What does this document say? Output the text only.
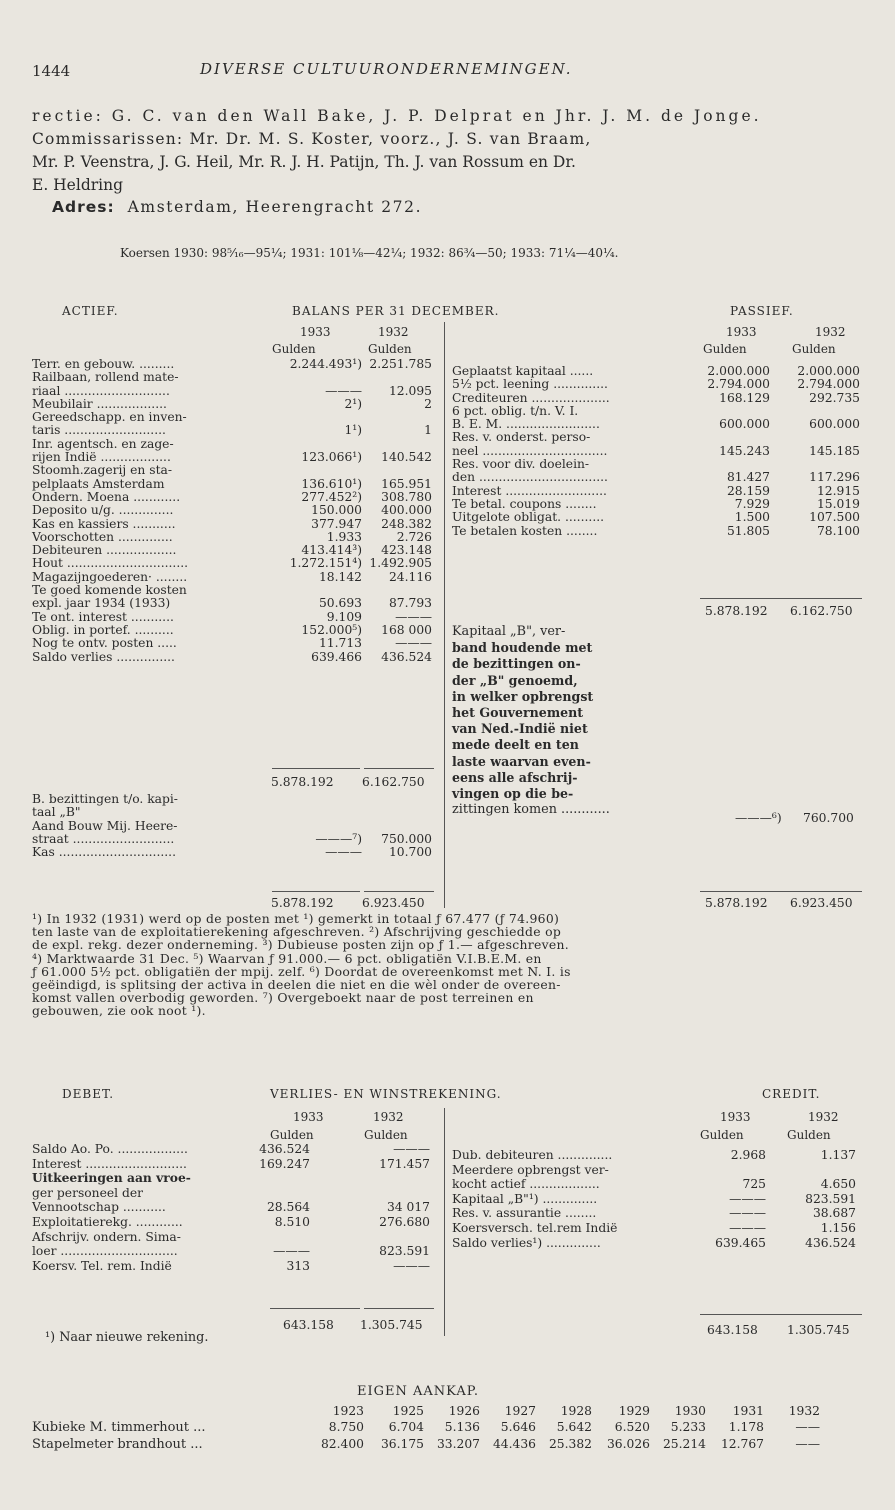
1444	DIVERSE CULTUURONDERNEMINGEN.
rectie: G. C. van den Wall Bake, J. P. Delprat en Jhr. J. M. de Jonge.
Commissarissen: Mr. Dr. M. S. Koster, voorz., J. S. van Braam,
Mr. P. Veenstra, J. G. Heil, Mr. R. J. H. Patijn, Th. J. van Rossum en Dr.
E. Heldring
Adres: Amsterdam, Heerengracht 272.
Koersen 1930: 98⁵⁄₁₆—95¼; 1931: 101⅛—42¼; 1932: 86¾—50; 1933: 71¼—40¼.
ACTIEF.	BALANS PER 31 DECEMBER.	PASSIEF.
1933	1932
Gulden	Gulden
1933	1932
Gulden	Gulden
Terr. en gebouw. .........	2.244.493¹) 2.251.785
Railbaan, rollend mate-
riaal ...........................	——— 12.095
Meubilair ..................	2¹)	2
Gereedschapp. en inven-
taris ..........................	1¹)	1
Inr. agentsch. en zage-
rijen Indië ..................	123.066¹) 140.542
Stoomh.zagerij en sta-
pelplaats Amsterdam	136.610¹) 165.951
Ondern. Moena ............	277.452²) 308.780
Deposito u/g. ..............	150.000 400.000
Kas en kassiers ...........	377.947 248.382
Voorschotten ..............	1.933	2.726
Debiteuren ..................	413.414³) 423.148
Hout ...............................	1.272.151⁴) 1.492.905
Magazijngoederen· ........	18.142 24.116
Te goed komende kosten
expl. jaar 1934 (1933)	50.693 87.793
Te ont. interest ...........	9.109	———
Oblig. in portef. ..........	152.000⁵) 168 000
Nog te ontv. posten .....	11.713	———
Saldo verlies ...............	639.466 436.524
5.878.192 6.162.750
B. bezittingen t/o. kapi-
taal „B"
Aand Bouw Mij. Heere-
straat ..........................	———⁷) 750.000
Kas ..............................	——— 10.700
5.878.192 6.923.450
Geplaatst kapitaal ......	2.000.000 2.000.000
5½ pct. leening ..............	2.794.000 2.794.000
Crediteuren ....................	168.129	292.735
6 pct. oblig. t/n. V. I.
B. E. M. ........................	600.000	600.000
Res. v. onderst. perso-
neel ................................	145.243	145.185
Res. voor div. doelein-
den .................................	81.427	117.296
Interest ..........................	28.159	12.915
Te betal. coupons ........	7.929	15.019
Uitgelote obligat. ..........	1.500	107.500
Te betalen kosten ........	51.805	78.100
5.878.192 6.162.750
Kapitaal „B", ver-
band houdende met
de bezittingen on-
der „B" genoemd,
in welker opbrengst
het Gouvernement
van Ned.-Indië niet
mede deelt en ten
laste waarvan even-
eens alle afschrij-
vingen op die be-
zittingen komen ............
———⁶) 760.700
5.878.192 6.923.450
¹) In 1932 (1931) werd op de posten met ¹) gemerkt in totaal ƒ 67.477 (ƒ 74.960)
ten laste van de exploitatierekening afgeschreven. ²) Afschrijving geschiedde op
de expl. rekg. dezer onderneming. ³) Dubieuse posten zijn op ƒ 1.— afgeschreven.
⁴) Marktwaarde 31 Dec. ⁵) Waarvan ƒ 91.000.— 6 pct. obligatiën V.I.B.E.M. en
ƒ 61.000 5½ pct. obligatiën der mpij. zelf. ⁶) Doordat de overeenkomst met N. I. is
geëindigd, is splitsing der activa in deelen die niet en die wèl onder de overeen-
komst vallen overbodig geworden. ⁷) Overgeboekt naar de post terreinen en
gebouwen, zie ook noot ¹).
DEBET.	VERLIES- EN WINSTREKENING.	CREDIT.
1933	1932
Gulden	Gulden
1933	1932
Gulden	Gulden
Saldo Ao. Po. ..................	436.524	———
Interest ..........................	169.247	171.457
Uitkeeringen aan vroe-
ger personeel der
Vennootschap ...........	28.564	34 017
Exploitatierekg. ............	8.510	276.680
Afschrijv. ondern. Sima-
loer ..............................	———	823.591
Koersv. Tel. rem. Indië	313	———
Dub. debiteuren ..............	2.968	1.137
Meerdere opbrengst ver-
kocht actief ..................	725	4.650
Kapitaal „B"¹) ..............	———	823.591
Res. v. assurantie ........	———	38.687
Koersversch. tel.rem Indië	———	1.156
Saldo verlies¹) ..............	639.465	436.524
643.158 1.305.745	643.158 1.305.745
¹) Naar nieuwe rekening.
EIGEN AANKAP.
1923	1925	1926	1927	1928	1929	1930	1931	1932
Kubieke M. timmerhout ...	8.750	6.704	5.136	5.646	5.642	6.520	5.233	1.178	——
Stapelmeter brandhout ...	82.400	36.175	33.207	44.436	25.382	36.026	25.214	12.767	——
